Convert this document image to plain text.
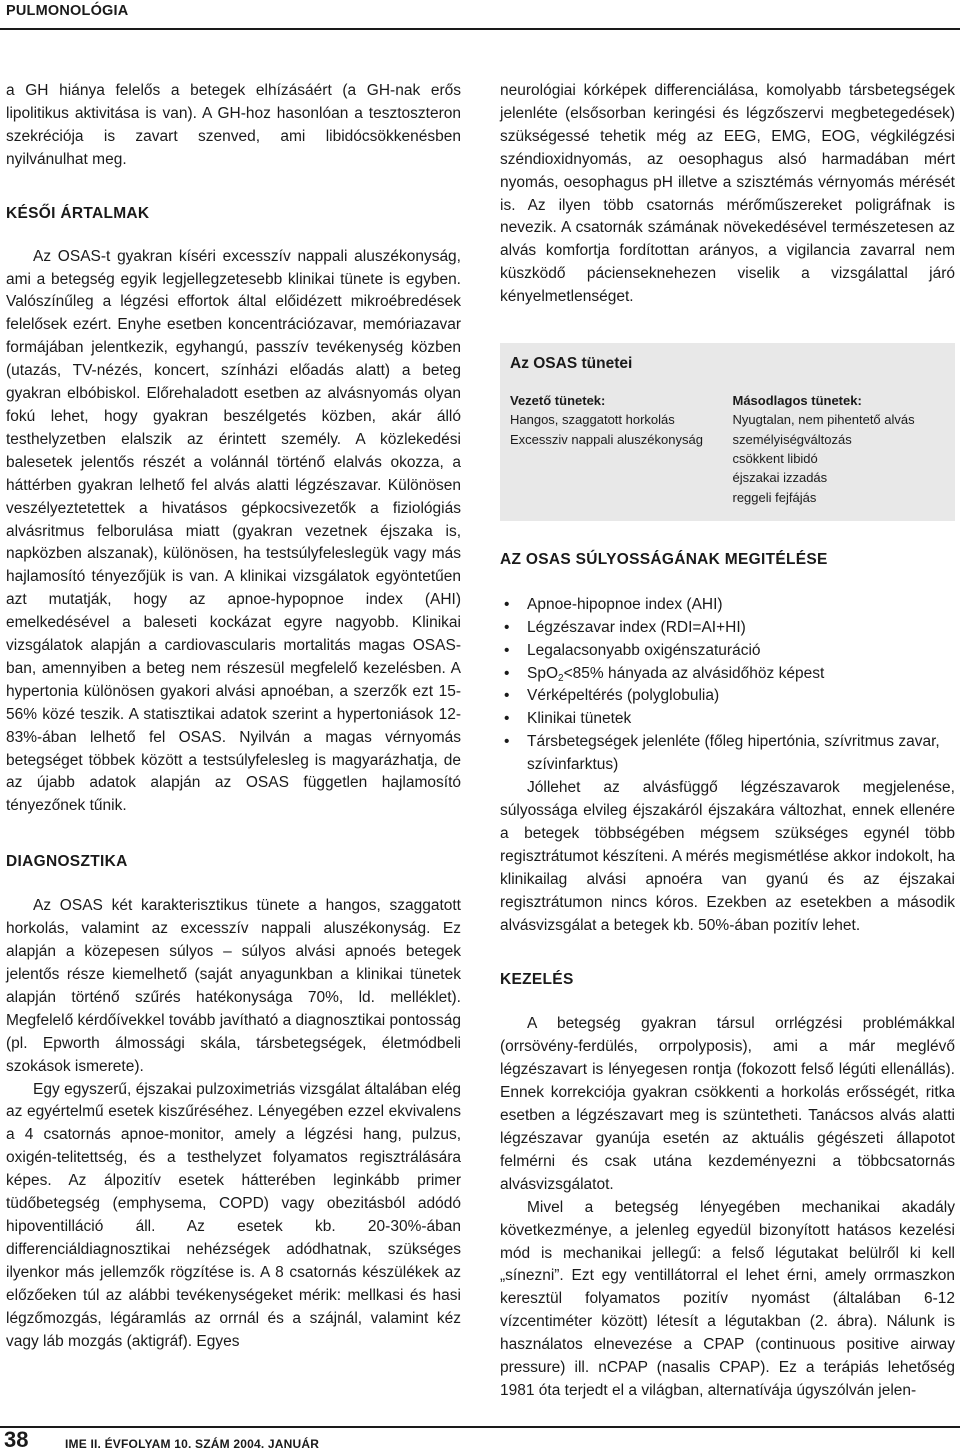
PULMONOLÓGIA

a GH hiánya felelős a betegek elhízásáért (a GH-nak erős lipolitikus aktivitása is van). A GH-hoz hasonlóan a tesztoszteron szekréciója is zavart szenved, ami libidócsökkenésben nyilvánulhat meg.

KÉSŐI ÁRTALMAK

Az OSAS-t gyakran kíséri excesszív nappali aluszékonyság, ami a betegség egyik legjellegzetesebb klinikai tünete is egyben. Valószínűleg a légzési effortok által előidézett mikroébredések felelősek ezért. Enyhe esetben koncentrációzavar, memóriazavar formájában jelentkezik, egyhangú, passzív tevékenység közben (utazás, TV-nézés, koncert, színházi előadás alatt) a beteg gyakran elbóbiskol. Előrehaladott esetben az alvásnyomás olyan fokú lehet, hogy gyakran beszélgetés közben, akár álló testhelyzetben elalszik az érintett személy. A közlekedési balesetek jelentős részét a volánnál történő elalvás okozza, a háttérben gyakran lelhető fel alvás alatti légzészavar. Különösen veszélyeztetettek a hivatásos gépkocsivezetők a fiziológiás alvásritmus felborulása miatt (gyakran vezetnek éjszaka is, napközben alszanak), különösen, ha testsúlyfeleslegük vagy más hajlamosító tényezőjük is van. A klinikai vizsgálatok egyöntetűen azt mutatják, hogy az apnoe-hypopnoe index (AHI) emelkedésével a baleseti kockázat egyre nagyobb. Klinikai vizsgálatok alapján a cardiovascularis mortalitás magas OSAS-ban, amennyiben a beteg nem részesül megfelelő kezelésben. A hypertonia különösen gyakori alvási apnoéban, a szerzők ezt 15-56% közé teszik. A statisztikai adatok szerint a hypertoniások 12-83%-ában lelhető fel OSAS. Nyilván a magas vérnyomás betegséget többek között a testsúlyfelesleg is magyarázhatja, de az újabb adatok alapján az OSAS független hajlamosító tényezőnek tűnik.

DIAGNOSZTIKA

Az OSAS két karakterisztikus tünete a hangos, szaggatott horkolás, valamint az excesszív nappali aluszékonyság. Ez alapján a közepesen súlyos – súlyos alvási apnoés betegek jelentős része kiemelhető (saját anyagunkban a klinikai tünetek alapján történő szűrés hatékonysága 70%, ld. melléklet). Megfelelő kérdőívekkel tovább javítható a diagnosztikai pontosság (pl. Epworth álmossági skála, társbetegségek, életmódbeli szokások ismerete).

Egy egyszerű, éjszakai pulzoximetriás vizsgálat általában elég az egyértelmű esetek kiszűréséhez. Lényegében ezzel ekvivalens a 4 csatornás apnoe-monitor, amely a légzési hang, pulzus, oxigén-telitettség, és a testhelyzet folyamatos regisztrálására képes. Az álpozitív esetek hátterében leginkább primer tüdőbetegség (emphysema, COPD) vagy obezitásból adódó hipoventilláció áll. Az esetek kb. 20-30%-ában differenciáldiagnosztikai nehézségek adódhatnak, szükséges ilyenkor más jellemzők rögzítése is. A 8 csatornás készülékek az előzőeken túl az alábbi tevékenységeket mérik: mellkasi és hasi légzőmozgás, légáramlás az orrnál és a szájnál, valamint kéz vagy láb mozgás (aktigráf). Egyes

neurológiai kórképek differenciálása, komolyabb társbetegségek jelenléte (elsősorban keringési és légzőszervi megbetegedések) szükségessé tehetik még az EEG, EMG, EOG, végkilégzési széndioxidnyomás, az oesophagus alsó harmadában mért nyomás, oesophagus pH illetve a szisztémás vérnyomás mérését is. Az ilyen több csatornás mérőműszereket poligráfnak is nevezik. A csatornák számának növekedésével természetesen az alvás komfortja fordítottan arányos, a vigilancia zavarral nem küszködő pácienseknehezen viselik a vizsgálattal járó kényelmetlenséget.

Az OSAS tünetei
Vezető tünetek:
Hangos, szaggatott horkolás
Excessziv nappali aluszékonyság
Másodlagos tünetek:
Nyugtalan, nem pihentető alvás
személyiségváltozás
csökkent libidó
éjszakai izzadás
reggeli fejfájás
AZ OSAS SÚLYOSSÁGÁNAK MEGITÉLÉSE
• Apnoe-hipopnoe index (AHI)
• Légzészavar index (RDI=AI+HI)
• Legalacsonyabb oxigénszaturáció
• SpO$_2$<85% hányada az alvásidőhöz képest
• Vérképeltérés (polyglobulia)
• Klinikai tünetek
• Társbetegségek jelenléte (főleg hipertónia, szívritmus zavar, szívinfarktus)

Jóllehet az alvásfüggő légzészavarok megjelenése, súlyossága elvileg éjszakáról éjszakára változhat, ennek ellenére a betegek többségében mégsem szükséges egynél több regisztrátumot készíteni. A mérés megismétlése akkor indokolt, ha klinikailag alvási apnoéra van gyanú és az éjszakai regisztrátumon nincs kóros. Ezekben az esetekben a második alvásvizsgálat a betegek kb. 50%-ában pozitív lehet.

KEZELÉS

A betegség gyakran társul orrlégzési problémákkal (orrsövény-ferdülés, orrpolyposis), ami a már meglévő légzészavart is lényegesen rontja (fokozott felső légúti ellenállás). Ennek korrekciója gyakran csökkenti a horkolás erősségét, ritka esetben a légzészavart meg is szüntetheti. Tanácsos alvás alatti légzészavar gyanúja esetén az aktuális gégészeti állapotot felmérni és csak utána kezdeményezni a többcsatornás alvásvizsgálatot.

Mivel a betegség lényegében mechanikai akadály következménye, a jelenleg egyedül bizonyított hatásos kezelési mód is mechanikai jellegű: a felső légutakat belülről ki kell „sínezni”. Ezt egy ventillátorral el lehet érni, amely orrmaszkon keresztül folyamatos pozitív nyomást (általában 6-12 vízcentiméter között) létesít a légutakban (2. ábra). Nálunk is használatos elnevezése a CPAP (continuous positive airway pressure) ill. nCPAP (nasalis CPAP). Ez a terápiás lehetőség 1981 óta terjedt el a világban, alternatívája úgyszólván jelen-

38	IME II. ÉVFOLYAM 10. SZÁM 2004. JANUÁR
